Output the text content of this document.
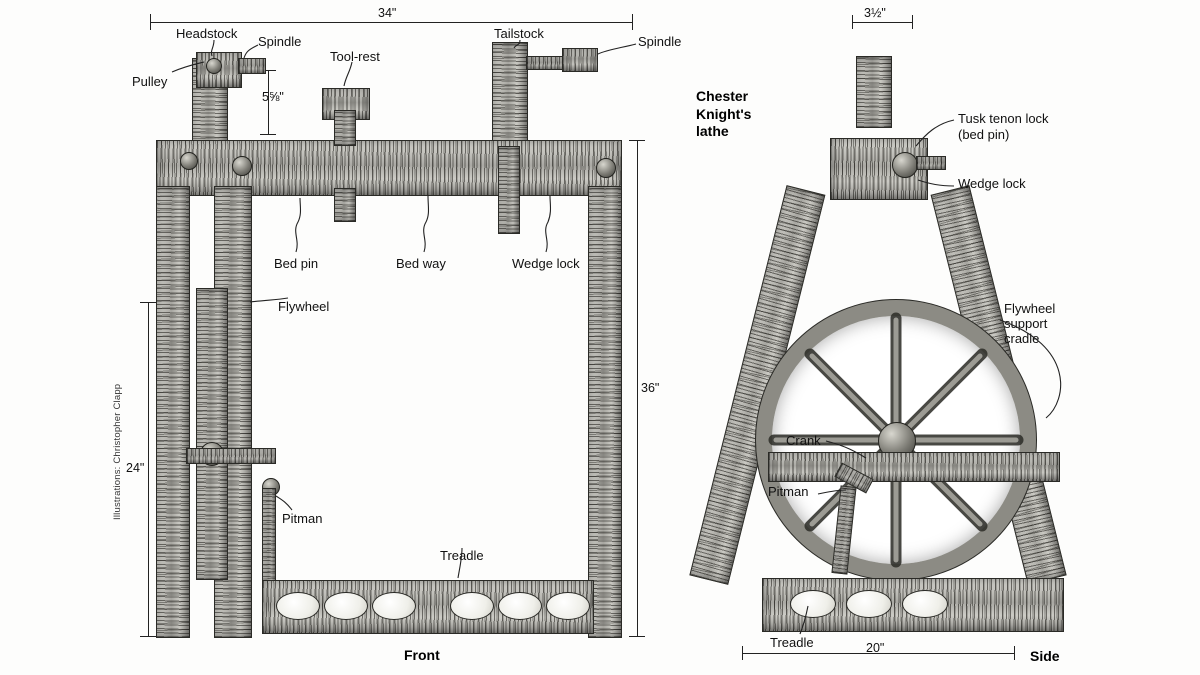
34"
36"
24"
5⅝"
Headstock
Spindle
Tool-rest
Tailstock
Spindle
Pulley
Bed pin	Bed way	Wedge lock
Flywheel
Pitman
Treadle
Front
Illustrations: Christopher Clapp
3½"
20"
Chester
Knight's
lathe
Tusk tenon lock
(bed pin)
Wedge lock
Flywheel
support
cradle
Crank
Pitman
Treadle
Side
